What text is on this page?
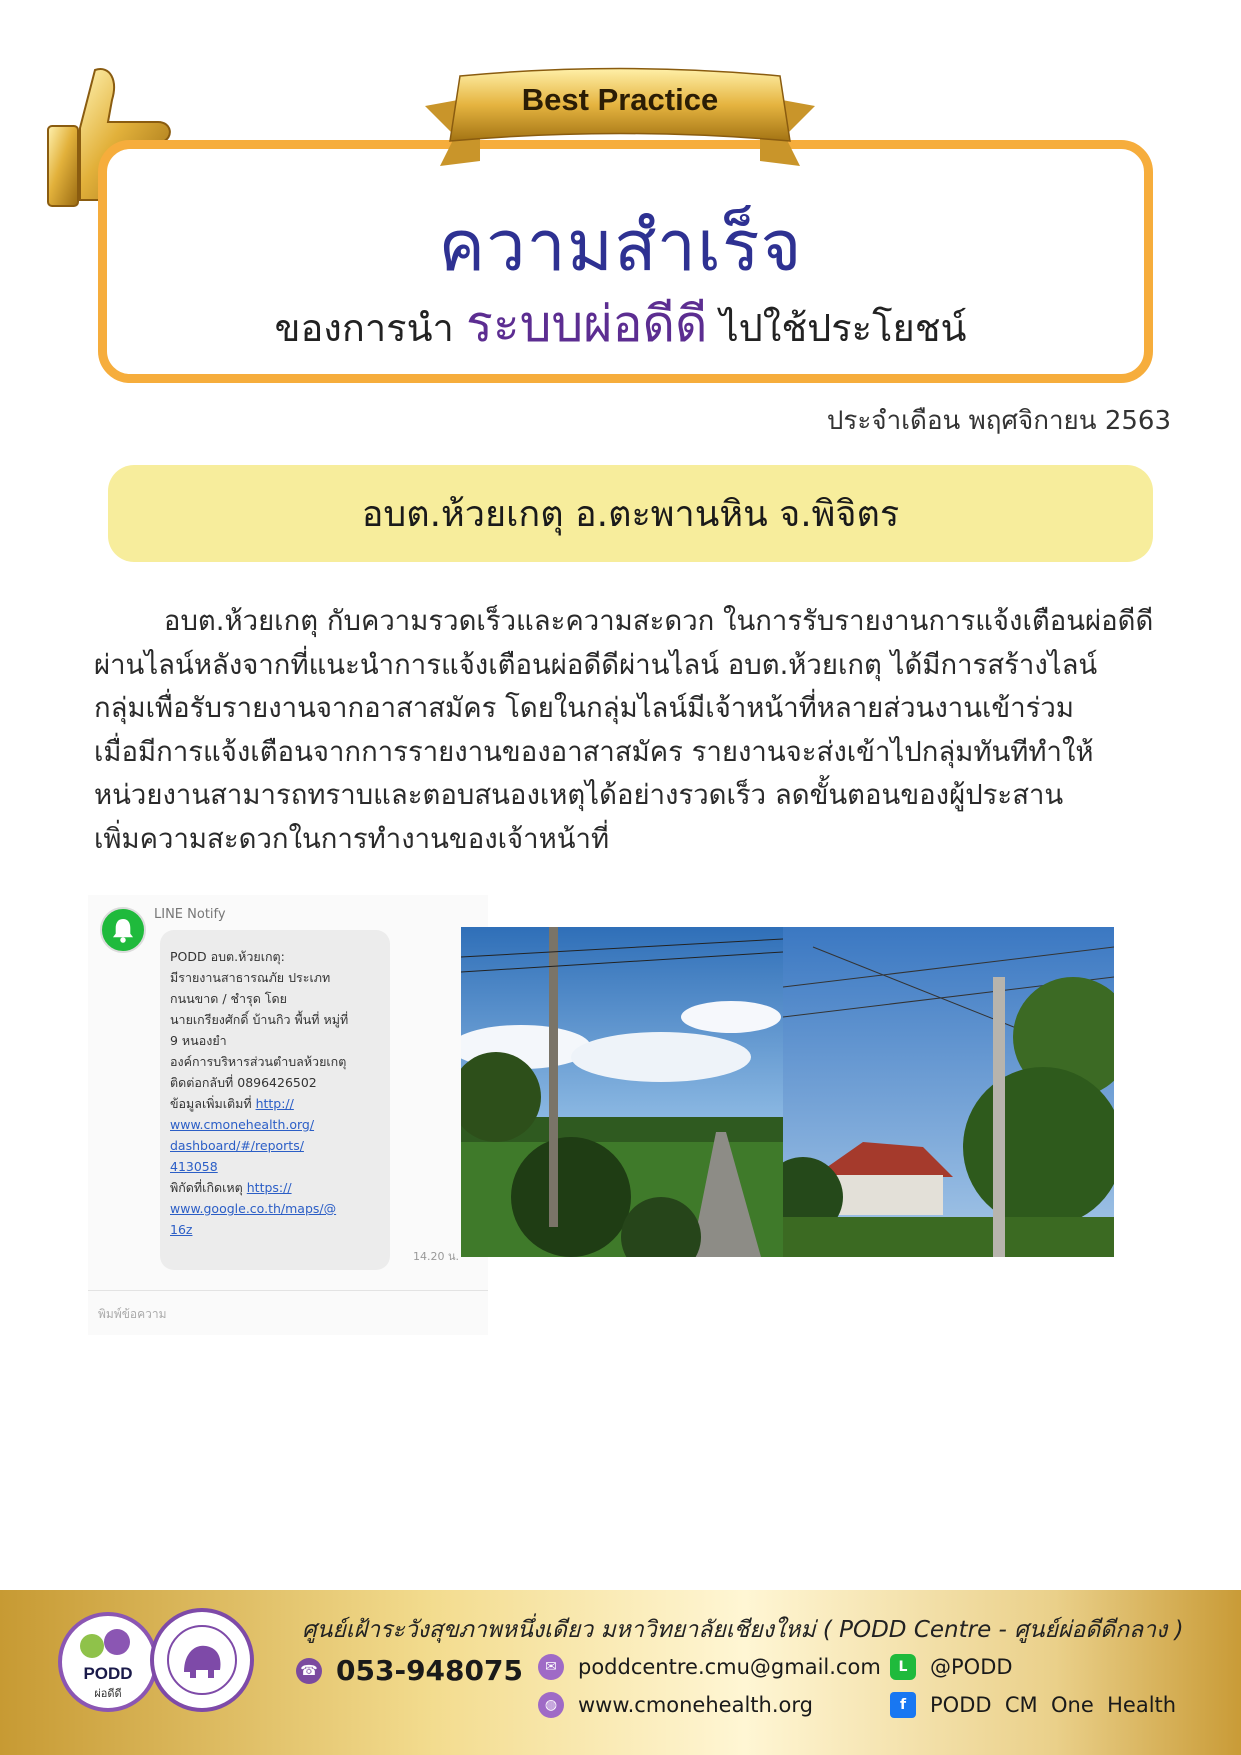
Best Practice
ความสำเร็จ
ของการนำ ระบบผ่อดีดี ไปใช้ประโยชน์
ประจำเดือน พฤศจิกายน 2563
อบต.ห้วยเกตุ อ.ตะพานหิน จ.พิจิตร
อบต.ห้วยเกตุ กับความรวดเร็วและความสะดวก ในการรับรายงานการแจ้งเตือนผ่อดีดี
ผ่านไลน์หลังจากที่แนะนำการแจ้งเตือนผ่อดีดีผ่านไลน์ อบต.ห้วยเกตุ ได้มีการสร้างไลน์
กลุ่มเพื่อรับรายงานจากอาสาสมัคร โดยในกลุ่มไลน์มีเจ้าหน้าที่หลายส่วนงานเข้าร่วม
เมื่อมีการแจ้งเตือนจากการรายงานของอาสาสมัคร รายงานจะส่งเข้าไปกลุ่มทันทีทำให้
หน่วยงานสามารถทราบและตอบสนองเหตุได้อย่างรวดเร็ว ลดขั้นตอนของผู้ประสาน
เพิ่มความสะดวกในการทำงานของเจ้าหน้าที่
LINE Notify
PODD อบต.ห้วยเกตุ:
มีรายงานสาธารณภัย ประเภท
กนนขาด / ชำรุด โดย
นายเกรียงศักดิ์ บ้านกิว พื้นที่ หมู่ที่
9 หนองยำ
องค์การบริหารส่วนตำบลห้วยเกตุ
ติดต่อกลับที่ 0896426502
ข้อมูลเพิ่มเติมที่ http://
www.cmonehealth.org/
dashboard/#/reports/
413058
พิกัดที่เกิดเหตุ https://
www.google.co.th/maps/@
16z
14.20 น.
พิมพ์ข้อความ
PODD
ผ่อดีดี
ศูนย์เฝ้าระวังสุขภาพหนึ่งเดียว มหาวิทยาลัยเชียงใหม่ ( PODD Centre - ศูนย์ผ่อดีดีกลาง )
☎ 053-948075	✉	poddcentre.cmu@gmail.com
◍ www.cmonehealth.org
L	@PODD
f	PODD  CM  One  Health
